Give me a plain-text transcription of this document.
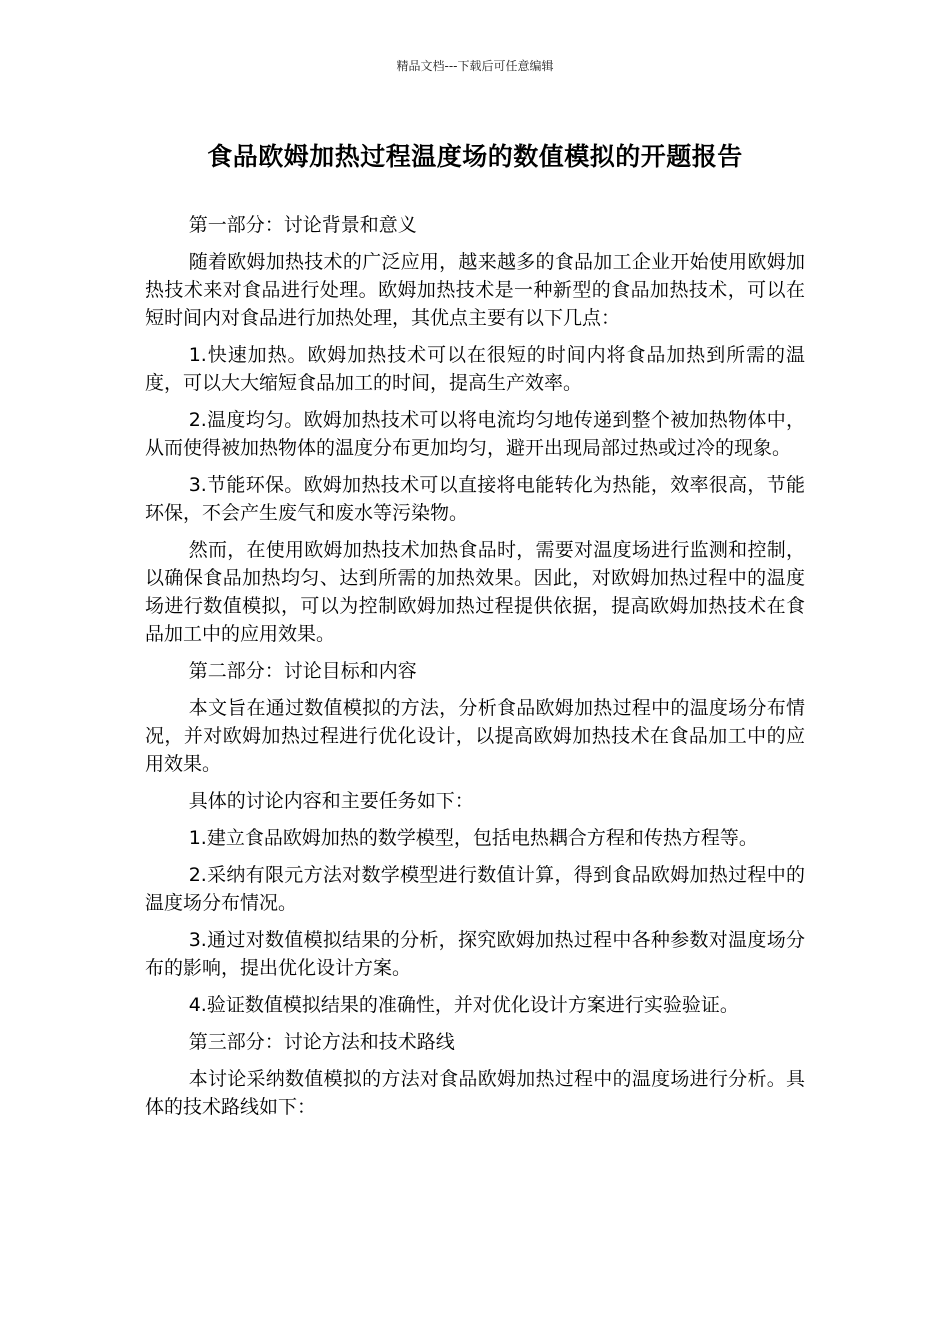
精品文档---下载后可任意编辑
食品欧姆加热过程温度场的数值模拟的开题报告

第一部分：讨论背景和意义

随着欧姆加热技术的广泛应用，越来越多的食品加工企业开始使用欧姆加热技术来对食品进行处理。欧姆加热技术是一种新型的食品加热技术，可以在短时间内对食品进行加热处理，其优点主要有以下几点：

1.快速加热。欧姆加热技术可以在很短的时间内将食品加热到所需的温度，可以大大缩短食品加工的时间，提高生产效率。

2.温度均匀。欧姆加热技术可以将电流均匀地传递到整个被加热物体中，从而使得被加热物体的温度分布更加均匀，避开出现局部过热或过冷的现象。

3.节能环保。欧姆加热技术可以直接将电能转化为热能，效率很高，节能环保，不会产生废气和废水等污染物。

然而，在使用欧姆加热技术加热食品时，需要对温度场进行监测和控制，以确保食品加热均匀、达到所需的加热效果。因此，对欧姆加热过程中的温度场进行数值模拟，可以为控制欧姆加热过程提供依据，提高欧姆加热技术在食品加工中的应用效果。

第二部分：讨论目标和内容

本文旨在通过数值模拟的方法，分析食品欧姆加热过程中的温度场分布情况，并对欧姆加热过程进行优化设计，以提高欧姆加热技术在食品加工中的应用效果。

具体的讨论内容和主要任务如下：

1.建立食品欧姆加热的数学模型，包括电热耦合方程和传热方程等。

2.采纳有限元方法对数学模型进行数值计算，得到食品欧姆加热过程中的温度场分布情况。

3.通过对数值模拟结果的分析，探究欧姆加热过程中各种参数对温度场分布的影响，提出优化设计方案。

4.验证数值模拟结果的准确性，并对优化设计方案进行实验验证。

第三部分：讨论方法和技术路线

本讨论采纳数值模拟的方法对食品欧姆加热过程中的温度场进行分析。具体的技术路线如下：
